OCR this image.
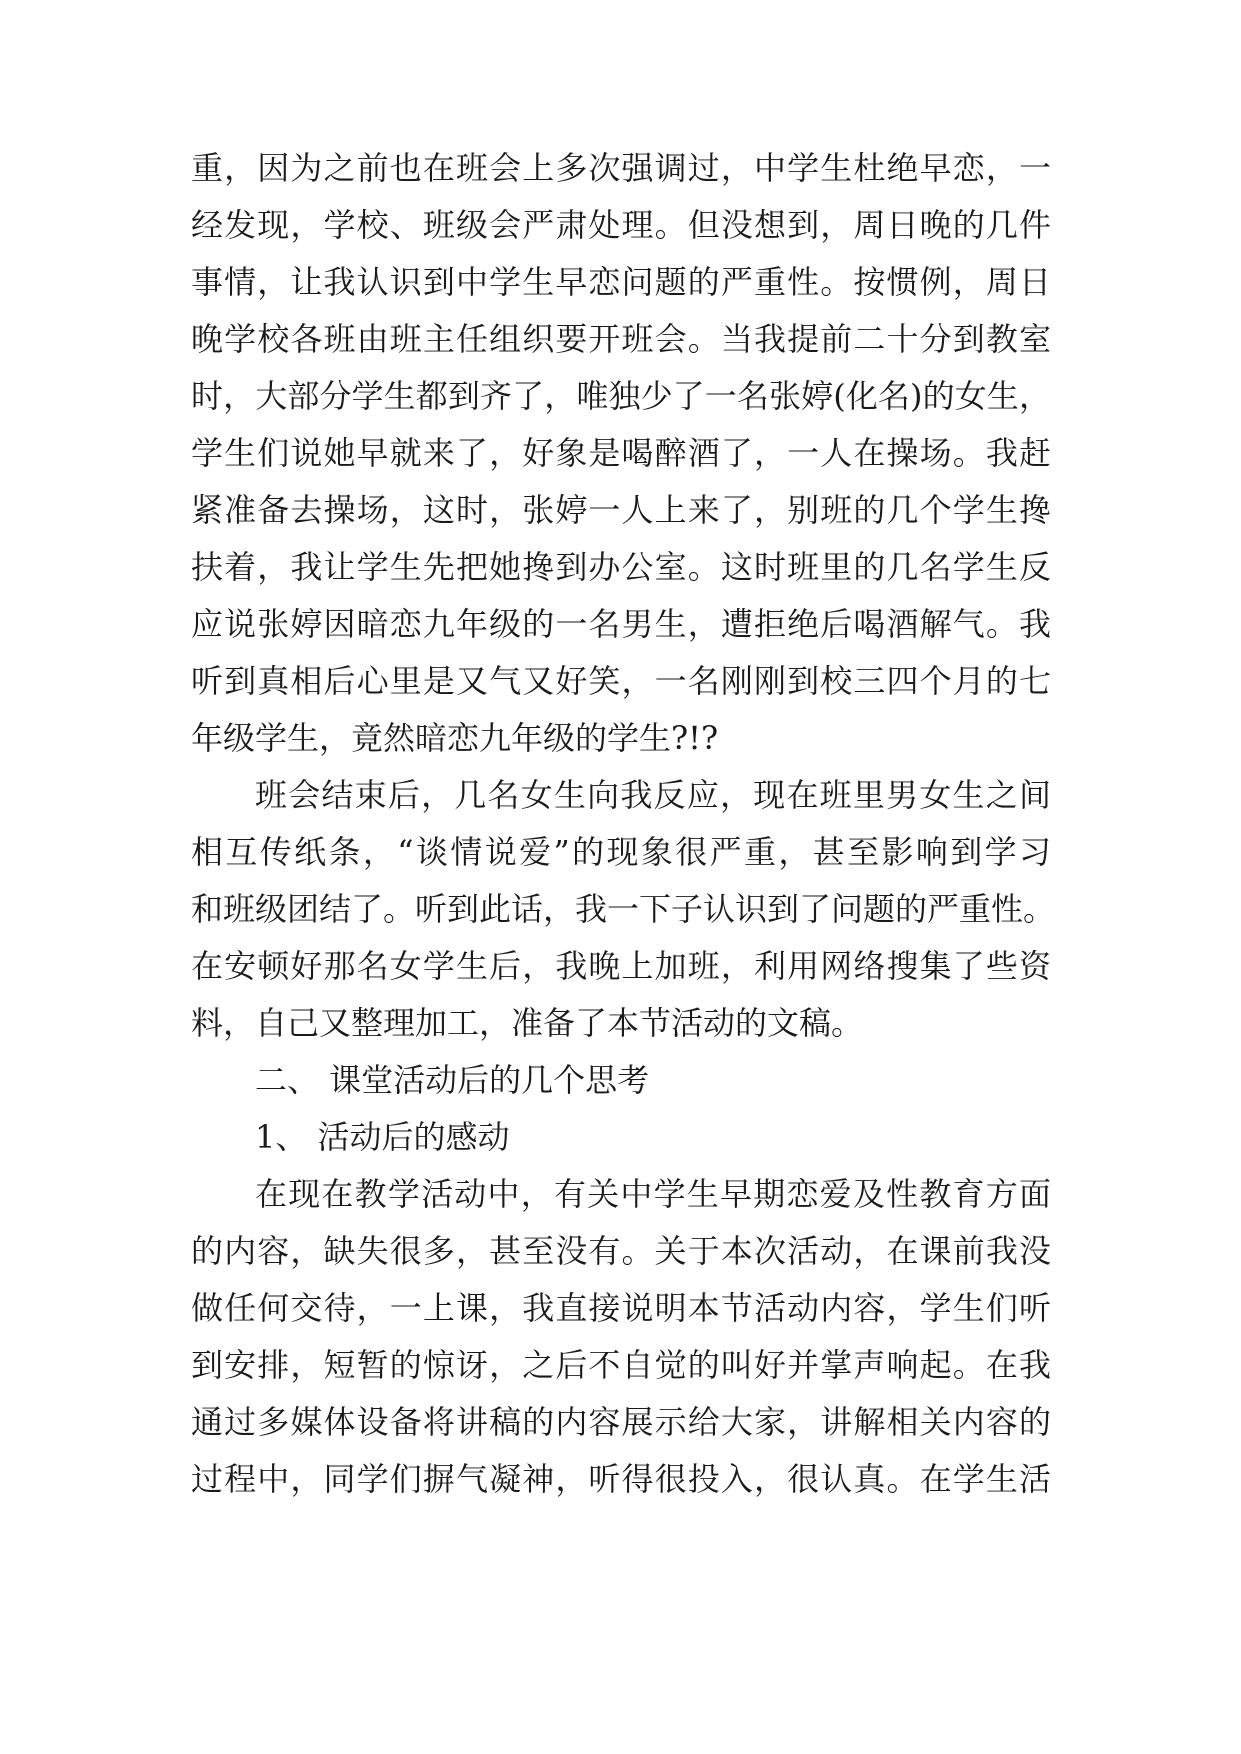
重，因为之前也在班会上多次强调过，中学生杜绝早恋，一
经发现，学校、班级会严肃处理。但没想到，周日晚的几件
事情，让我认识到中学生早恋问题的严重性。按惯例，周日
晚学校各班由班主任组织要开班会。当我提前二十分到教室
时，大部分学生都到齐了，唯独少了一名张婷(化名)的女生，
学生们说她早就来了，好象是喝醉酒了，一人在操场。我赶
紧准备去操场，这时，张婷一人上来了，别班的几个学生搀
扶着，我让学生先把她搀到办公室。这时班里的几名学生反
应说张婷因暗恋九年级的一名男生，遭拒绝后喝酒解气。我
听到真相后心里是又气又好笑，一名刚刚到校三四个月的七
年级学生，竟然暗恋九年级的学生?!?
班会结束后，几名女生向我反应，现在班里男女生之间
相互传纸条，“谈情说爱”的现象很严重，甚至影响到学习
和班级团结了。听到此话，我一下子认识到了问题的严重性。
在安顿好那名女学生后，我晚上加班，利用网络搜集了些资
料，自己又整理加工，准备了本节活动的文稿。
二、 课堂活动后的几个思考
1、 活动后的感动
在现在教学活动中，有关中学生早期恋爱及性教育方面
的内容，缺失很多，甚至没有。关于本次活动，在课前我没
做任何交待，一上课，我直接说明本节活动内容，学生们听
到安排，短暂的惊讶，之后不自觉的叫好并掌声响起。在我
通过多媒体设备将讲稿的内容展示给大家，讲解相关内容的
过程中，同学们摒气凝神，听得很投入，很认真。在学生活
